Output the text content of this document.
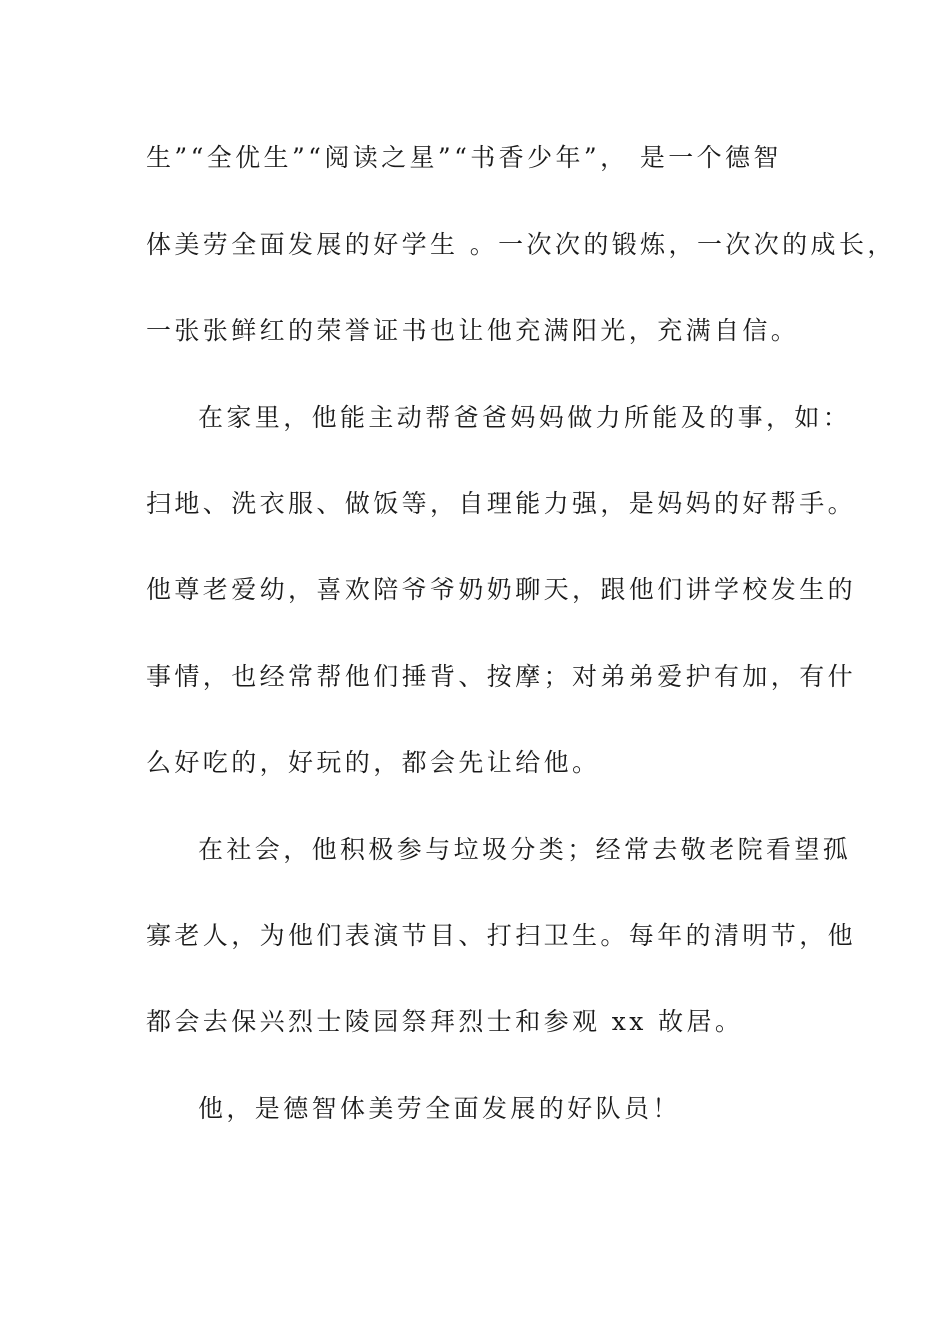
生”“全优生”“阅读之星”“书香少年”， 是一个德智
体美劳全面发展的好学生 。一次次的锻炼，一次次的成长，
一张张鲜红的荣誉证书也让他充满阳光，充满自信。
在家里，他能主动帮爸爸妈妈做力所能及的事，如：
扫地、洗衣服、做饭等，自理能力强，是妈妈的好帮手。
他尊老爱幼，喜欢陪爷爷奶奶聊天，跟他们讲学校发生的
事情，也经常帮他们捶背、按摩；对弟弟爱护有加，有什
么好吃的，好玩的，都会先让给他。
在社会，他积极参与垃圾分类；经常去敬老院看望孤
寡老人，为他们表演节目、打扫卫生。每年的清明节，他
都会去保兴烈士陵园祭拜烈士和参观 xx 故居。
他，是德智体美劳全面发展的好队员！
